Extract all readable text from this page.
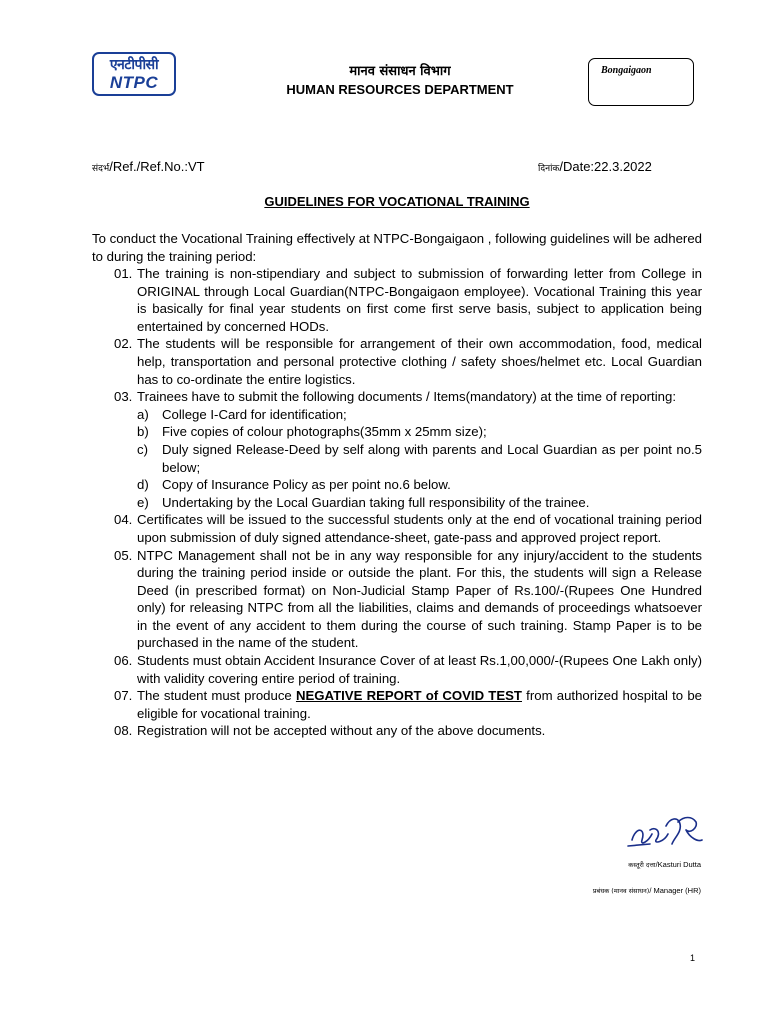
एनटीपीसी
NTPC
मानव संसाधन विभाग
HUMAN RESOURCES DEPARTMENT
Bongaigaon
संदर्भ/Ref./Ref.No.:VT	दिनांक/Date:22.3.2022
GUIDELINES FOR VOCATIONAL TRAINING
To conduct the Vocational Training effectively at NTPC-Bongaigaon , following guidelines will be adhered to during the training period:
01. The training is non-stipendiary and subject to submission of forwarding letter from College in ORIGINAL through Local Guardian(NTPC-Bongaigaon employee). Vocational Training this year is basically for final year students on first come first serve basis, subject to application being entertained by concerned HODs.
02. The students will be responsible for arrangement of their own accommodation, food, medical help, transportation and personal protective clothing / safety shoes/helmet etc. Local Guardian has to co-ordinate the entire logistics.
03. Trainees have to submit the following documents / Items(mandatory) at the time of reporting:
a) College I-Card for identification;
b) Five copies of colour photographs(35mm x 25mm size);
c) Duly signed Release-Deed by self along with parents and Local Guardian as per point no.5 below;
d) Copy of Insurance Policy as per point no.6 below.
e) Undertaking by the Local Guardian taking full responsibility of the trainee.
04. Certificates will be issued to the successful students only at the end of vocational training period upon submission of duly signed attendance-sheet, gate-pass and approved project report.
05. NTPC Management shall not be in any way responsible for any injury/accident to the students during the training period inside or outside the plant. For this, the students will sign a Release Deed (in prescribed format) on Non-Judicial Stamp Paper of Rs.100/-(Rupees One Hundred only) for releasing NTPC from all the liabilities, claims and demands of proceedings whatsoever in the event of any accident to them during the course of such training. Stamp Paper is to be purchased in the name of the student.
06. Students must obtain Accident Insurance Cover of at least Rs.1,00,000/-(Rupees One Lakh only) with validity covering entire period of training.
07. The student must produce NEGATIVE REPORT of COVID TEST from authorized hospital to be eligible for vocational training.
08. Registration will not be accepted without any of the above documents.
कस्तूरी दत्ता/Kasturi Dutta
प्रबंधक (मानव संसाधन)/ Manager (HR)
1
